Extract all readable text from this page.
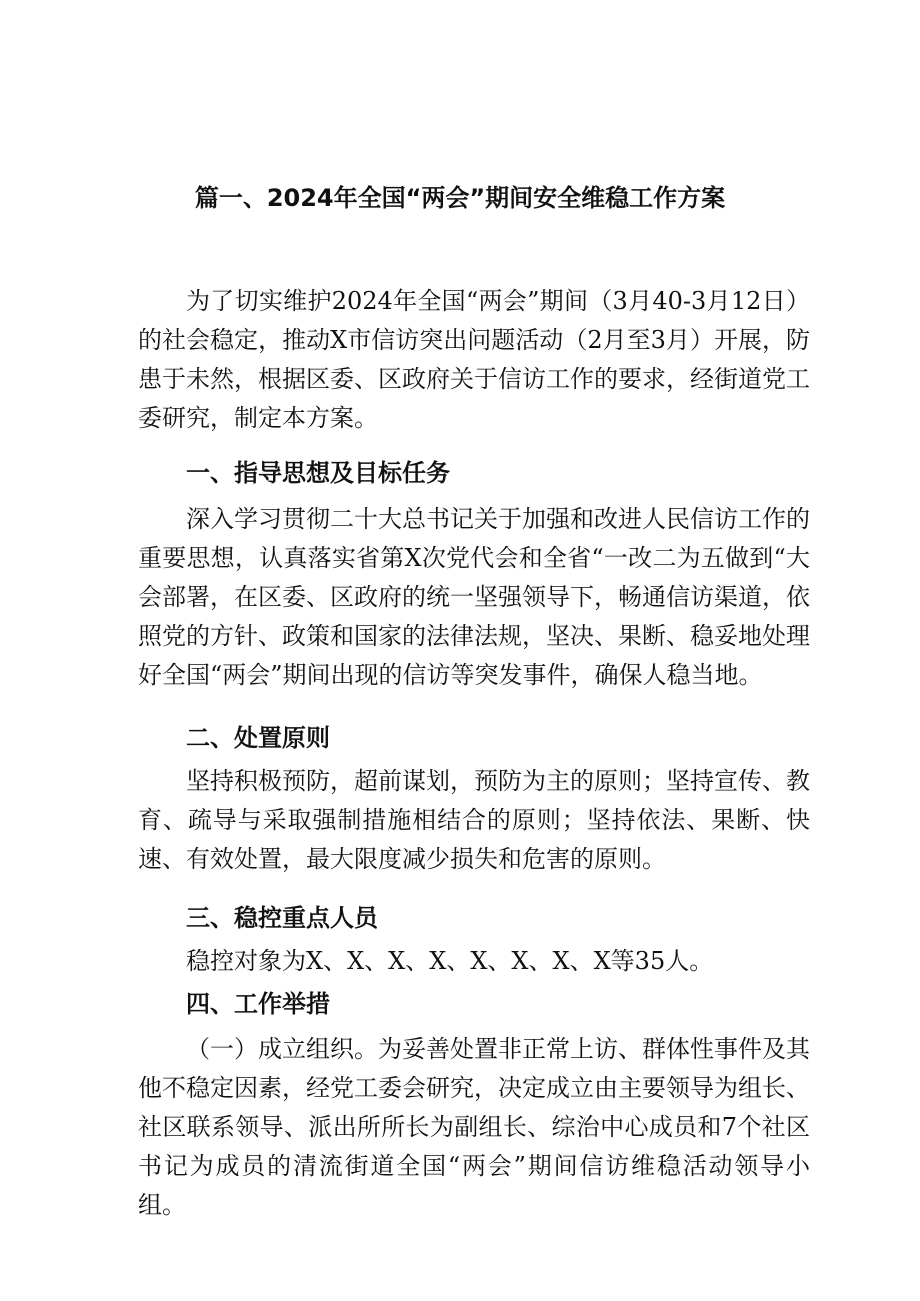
篇一、2024年全国“两会”期间安全维稳工作方案

为了切实维护2024年全国“两会”期间（3月40-3月12日）的社会稳定，推动X市信访突出问题活动（2月至3月）开展，防患于未然，根据区委、区政府关于信访工作的要求，经街道党工委研究，制定本方案。

一、指导思想及目标任务

深入学习贯彻二十大总书记关于加强和改进人民信访工作的重要思想，认真落实省第X次党代会和全省“一改二为五做到“大会部署，在区委、区政府的统一坚强领导下，畅通信访渠道，依照党的方针、政策和国家的法律法规，坚决、果断、稳妥地处理好全国“两会”期间出现的信访等突发事件，确保人稳当地。

二、处置原则

坚持积极预防，超前谋划，预防为主的原则；坚持宣传、教育、疏导与采取强制措施相结合的原则；坚持依法、果断、快速、有效处置，最大限度减少损失和危害的原则。

三、稳控重点人员

稳控对象为X、X、X、X、X、X、X、X等35人。

四、工作举措

（一）成立组织。为妥善处置非正常上访、群体性事件及其他不稳定因素，经党工委会研究，决定成立由主要领导为组长、社区联系领导、派出所所长为副组长、综治中心成员和7个社区书记为成员的清流街道全国“两会”期间信访维稳活动领导小组。
